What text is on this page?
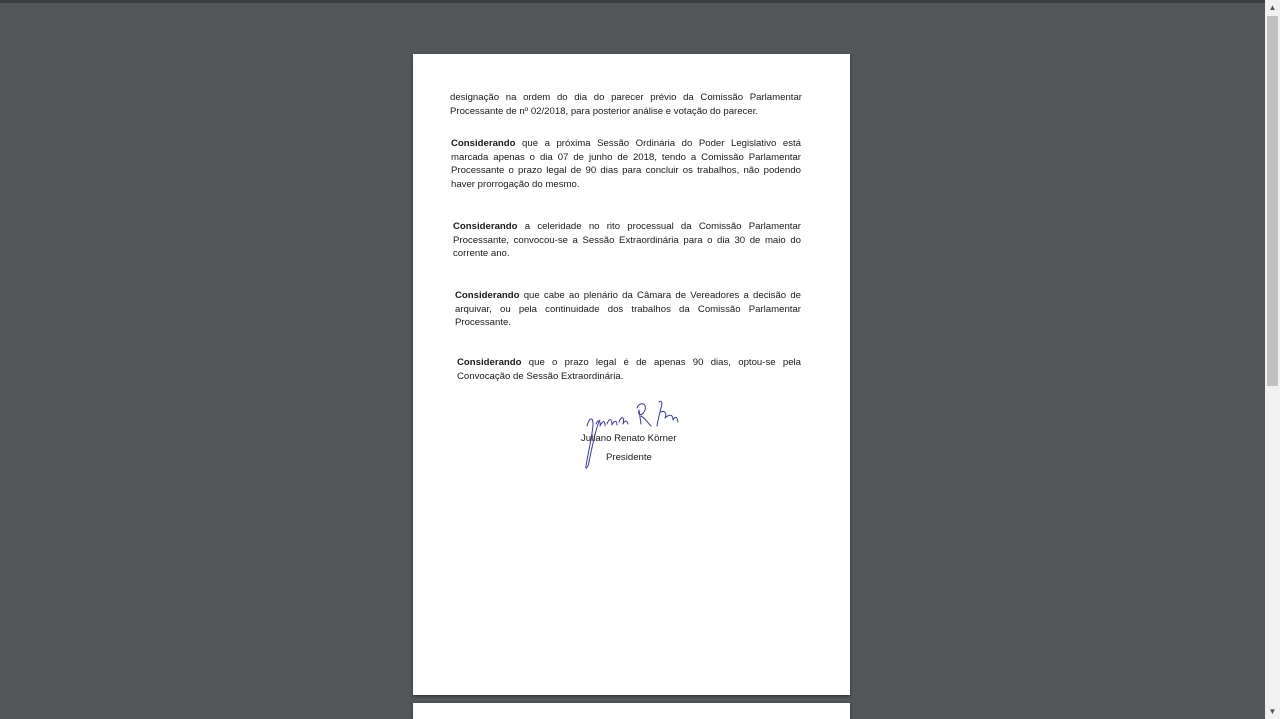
designação na ordem do dia do parecer prévio da Comissão Parlamentar Processante de nº 02/2018, para posterior análise e votação do parecer.

Considerando que a próxima Sessão Ordinária do Poder Legislativo está marcada apenas o dia 07 de junho de 2018, tendo a Comissão Parlamentar Processante o prazo legal de 90 dias para concluir os trabalhos, não podendo haver prorrogação do mesmo.

Considerando a celeridade no rito processual da Comissão Parlamentar Processante, convocou-se a Sessão Extraordinária para o dia 30 de maio do corrente ano.

Considerando que cabe ao plenário da Câmara de Vereadores a decisão de arquivar, ou pela continuidade dos trabalhos da Comissão Parlamentar Processante.

Considerando que o prazo legal é de apenas 90 dias, optou-se pela Convocação de Sessão Extraordinária.

Juliano Renato Körner
Presidente
▲
▼
